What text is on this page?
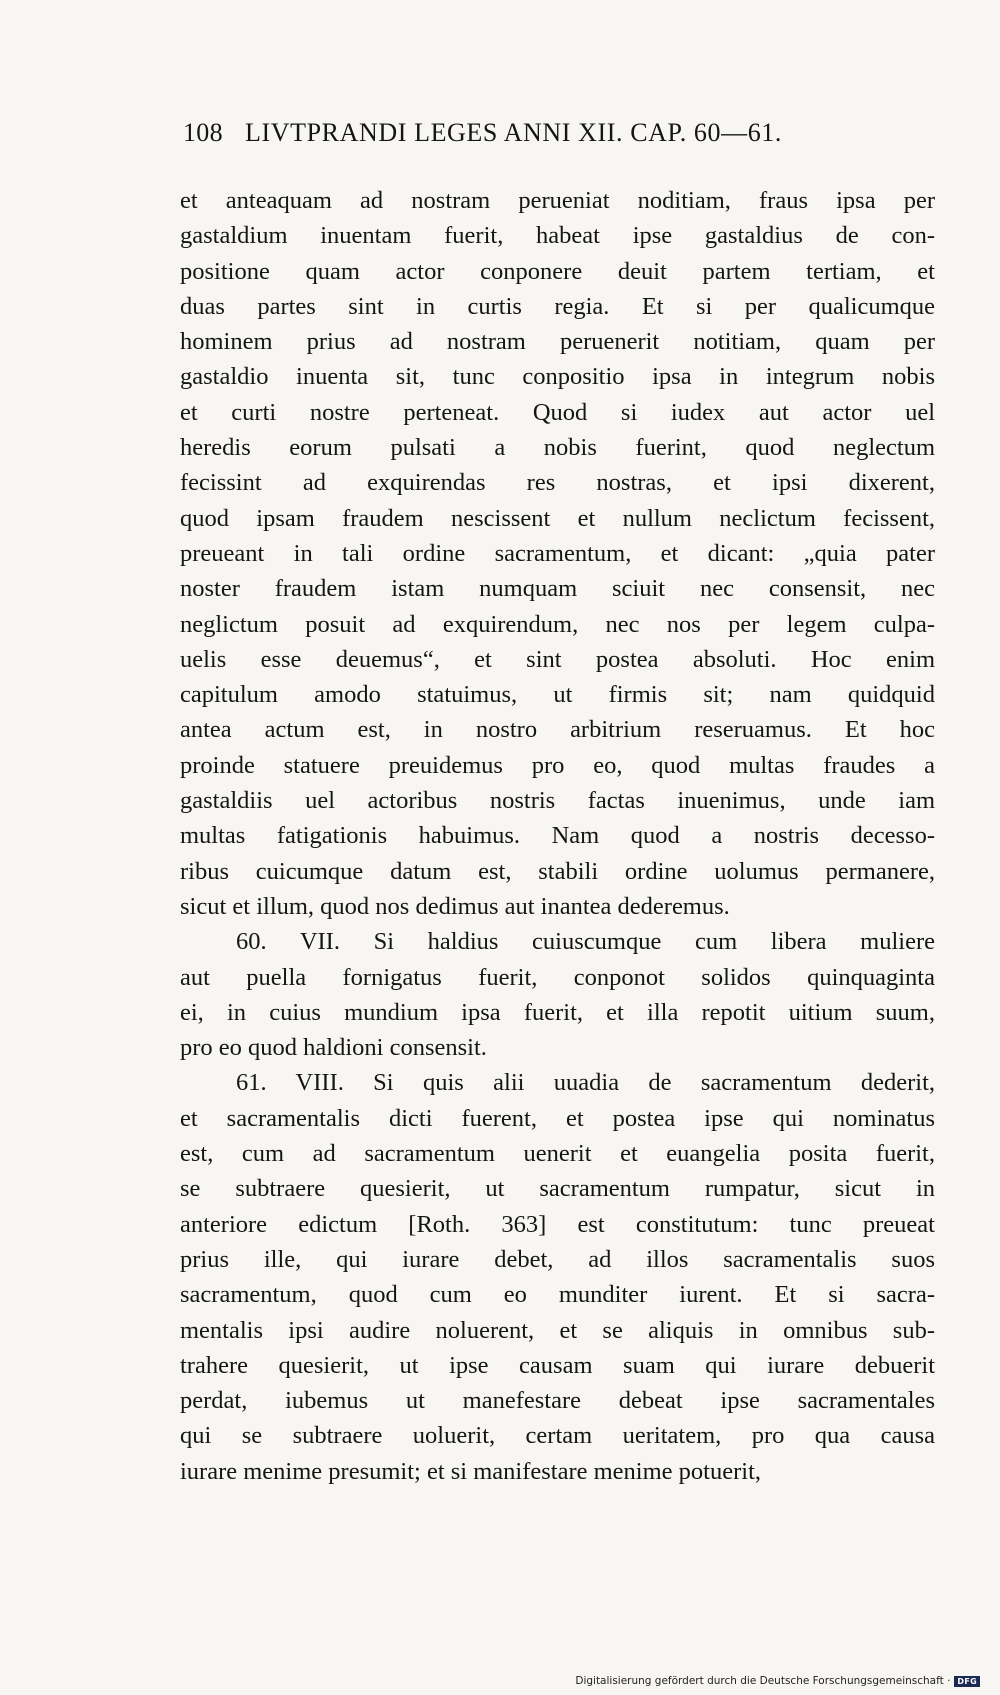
108 LIVTPRANDI LEGES ANNI XII. CAP. 60—61.
et anteaquam ad nostram perueniat noditiam, fraus ipsa per
gastaldium inuentam fuerit, habeat ipse gastaldius de con-
positione quam actor conponere deuit partem tertiam, et
duas partes sint in curtis regia. Et si per qualicumque
hominem prius ad nostram peruenerit notitiam, quam per
gastaldio inuenta sit, tunc conpositio ipsa in integrum nobis
et curti nostre perteneat. Quod si iudex aut actor uel
heredis eorum pulsati a nobis fuerint, quod neglectum
fecissint ad exquirendas res nostras, et ipsi dixerent,
quod ipsam fraudem nescissent et nullum neclictum fecissent,
preueant in tali ordine sacramentum, et dicant: „quia pater
noster fraudem istam numquam sciuit nec consensit, nec
neglictum posuit ad exquirendum, nec nos per legem culpa-
uelis esse deuemus“, et sint postea absoluti. Hoc enim
capitulum amodo statuimus, ut firmis sit; nam quidquid
antea actum est, in nostro arbitrium reseruamus. Et hoc
proinde statuere preuidemus pro eo, quod multas fraudes a
gastaldiis uel actoribus nostris factas inuenimus, unde iam
multas fatigationis habuimus. Nam quod a nostris decesso-
ribus cuicumque datum est, stabili ordine uolumus permanere,
sicut et illum, quod nos dedimus aut inantea dederemus.
60. VII. Si haldius cuiuscumque cum libera muliere
aut puella fornigatus fuerit, conponot solidos quinquaginta
ei, in cuius mundium ipsa fuerit, et illa repotit uitium suum,
pro eo quod haldioni consensit.
61. VIII. Si quis alii uuadia de sacramentum dederit,
et sacramentalis dicti fuerent, et postea ipse qui nominatus
est, cum ad sacramentum uenerit et euangelia posita fuerit,
se subtraere quesierit, ut sacramentum rumpatur, sicut in
anteriore edictum [Roth. 363] est constitutum: tunc preueat
prius ille, qui iurare debet, ad illos sacramentalis suos
sacramentum, quod cum eo munditer iurent. Et si sacra-
mentalis ipsi audire noluerent, et se aliquis in omnibus sub-
trahere quesierit, ut ipse causam suam qui iurare debuerit
perdat, iubemus ut manefestare debeat ipse sacramentales
qui se subtraere uoluerit, certam ueritatem, pro qua causa
iurare menime presumit; et si manifestare menime potuerit,
Digitalisierung gefördert durch die Deutsche Forschungsgemeinschaft · DFG
